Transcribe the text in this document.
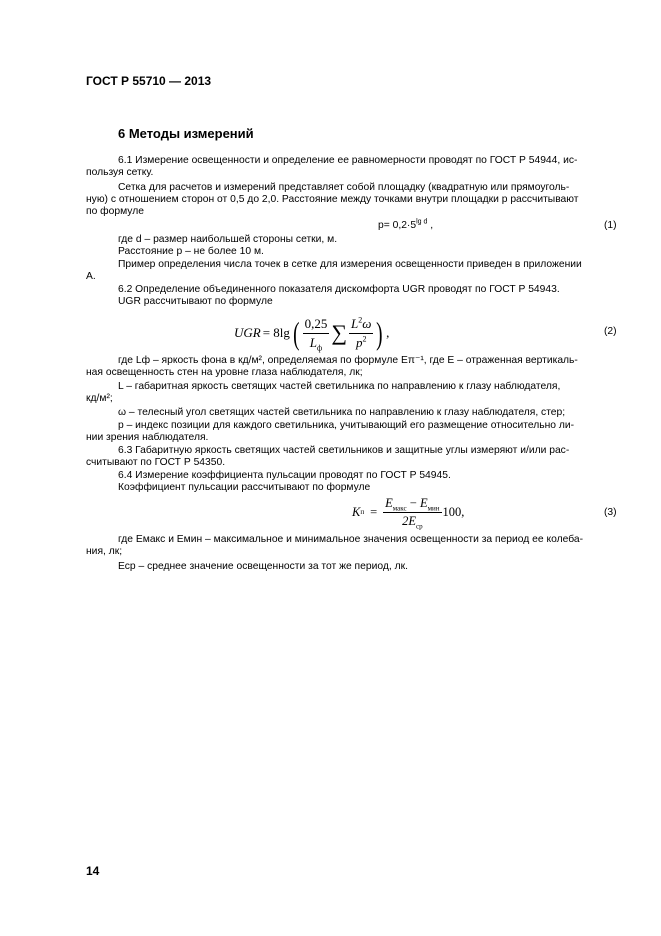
ГОСТ Р 55710 — 2013
6 Методы измерений
6.1 Измерение освещенности и определение ее равномерности проводят по ГОСТ Р 54944, ис-
пользуя сетку.
Сетка для расчетов и измерений представляет собой площадку (квадратную или прямоуголь-
ную) с отношением сторон от 0,5 до 2,0. Расстояние между точками внутри площадки р рассчитывают
по формуле
$p= 0,2\cdot 5^{lg d}$ ,	(1)
где d – размер наибольшей стороны сетки, м.
Расстояние р – не более 10 м.
Пример определения числа точек в сетке для измерения освещенности приведен в приложении
А.
6.2 Определение объединенного показателя дискомфорта UGR проводят по ГОСТ Р 54943.
UGR рассчитывают по формуле
UGR = 8lg ( $\frac{0,25}{L_ф}$ ∑ $\frac{L^2\omega}{p^2}$ ) ,	(2)
где Lф – яркость фона в кд/м², определяемая по формуле Еπ⁻¹, где Е – отраженная вертикаль-
ная освещенность стен на уровне глаза наблюдателя, лк;
L – габаритная яркость светящих частей светильника по направлению к глазу наблюдателя,
кд/м²;
ω – телесный угол светящих частей светильника по направлению к глазу наблюдателя, стер;
р – индекс позиции для каждого светильника, учитывающий его размещение относительно ли-
нии зрения наблюдателя.
6.3 Габаритную яркость светящих частей светильников и защитные углы измеряют и/или рас-
считывают по ГОСТ Р 54350.
6.4 Измерение коэффициента пульсации проводят по ГОСТ Р 54945.
Коэффициент пульсации рассчитывают по формуле
K $п = \frac{E_{макс} - E_{мин}}{2E_{ср}} 100$,	(3)
где Емакс и Емин – максимальное и минимальное значения освещенности за период ее колеба-
ния, лк;
Еср – среднее значение освещенности за тот же период, лк.
14
